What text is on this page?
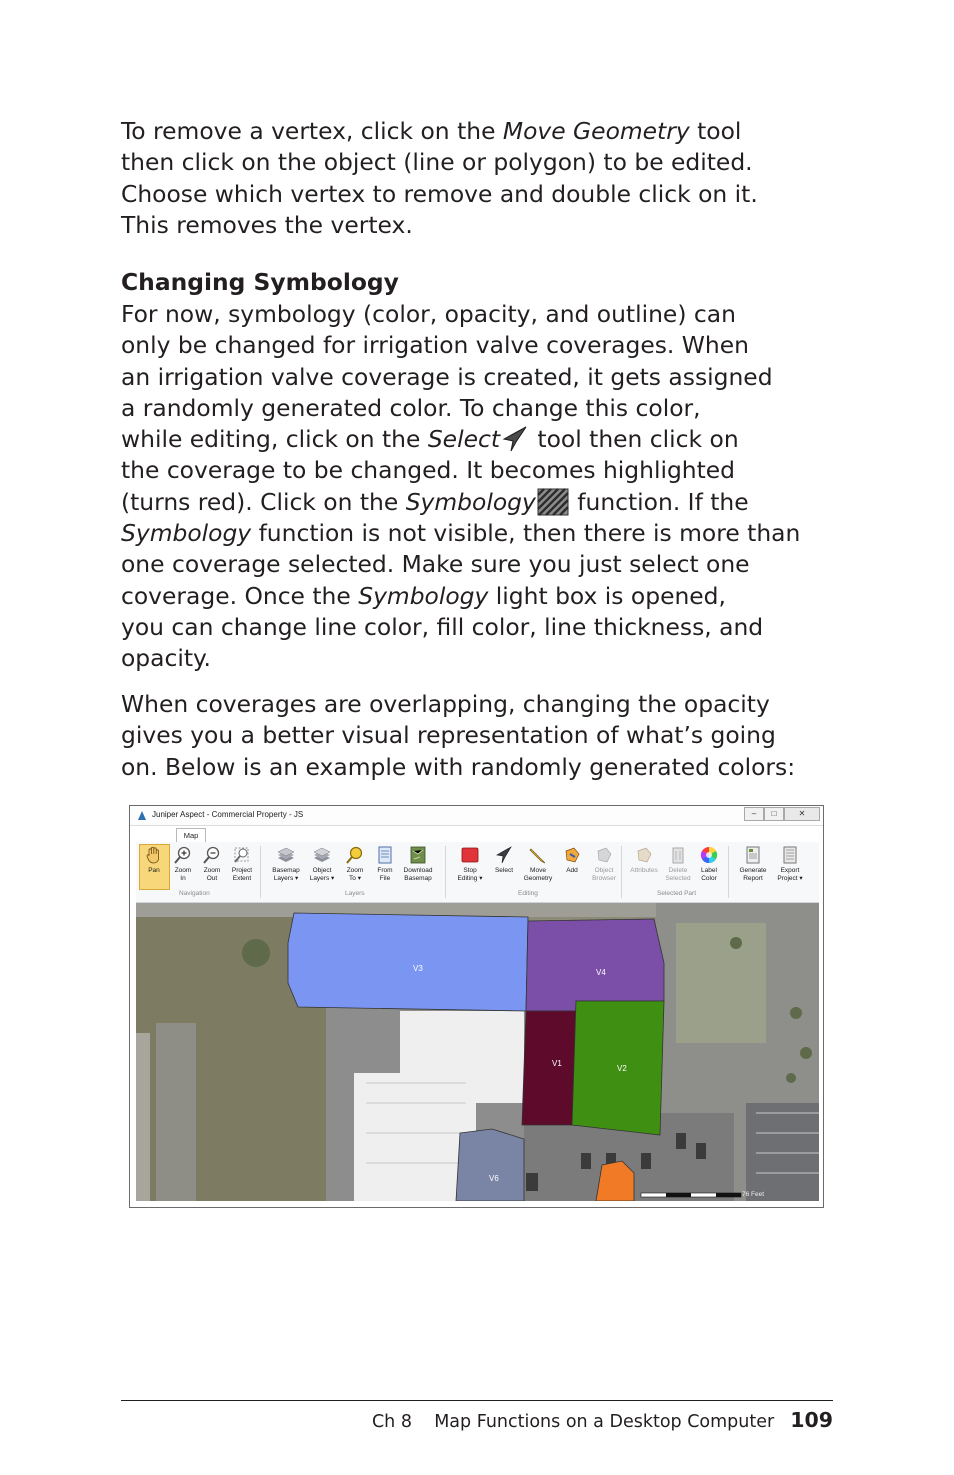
To remove a vertex, click on the Move Geometry tool
then click on the object (line or polygon) to be edited.
Choose which vertex to remove and double click on it.
This removes the vertex.

Changing Symbology

For now, symbology (color, opacity, and outline) can
only be changed for irrigation valve coverages. When
an irrigation valve coverage is created, it gets assigned
a randomly generated color. To change this color,
while editing, click on the Select tool then click on
the coverage to be changed. It becomes highlighted
(turns red). Click on the Symbology function. If the
Symbology function is not visible, then there is more than
one coverage selected. Make sure you just select one
coverage. Once the Symbology light box is opened,
you can change line color, fill color, line thickness, and
opacity.

When coverages are overlapping, changing the opacity
gives you a better visual representation of what’s going
on. Below is an example with randomly generated colors:

Juniper Aspect - Commercial Property - JS	–	□	✕
Map
Pan	Zoom
In
Zoom
Out
Project
Extent
Navigation
Basemap
Layers ▾
Object
Layers ▾
Zoom
To ▾
From
File
Download
Basemap
Layers
Stop
Editing ▾
Select	Move
Geometry
Add	Object
Browser
Editing
Attributes	Delete
Selected
Label
Color
Selected Part
Generate
Report
Export
Project ▾
V3	V4
V1
V2
V6
76 Feet
Ch 8    Map Functions on a Desktop Computer 109
